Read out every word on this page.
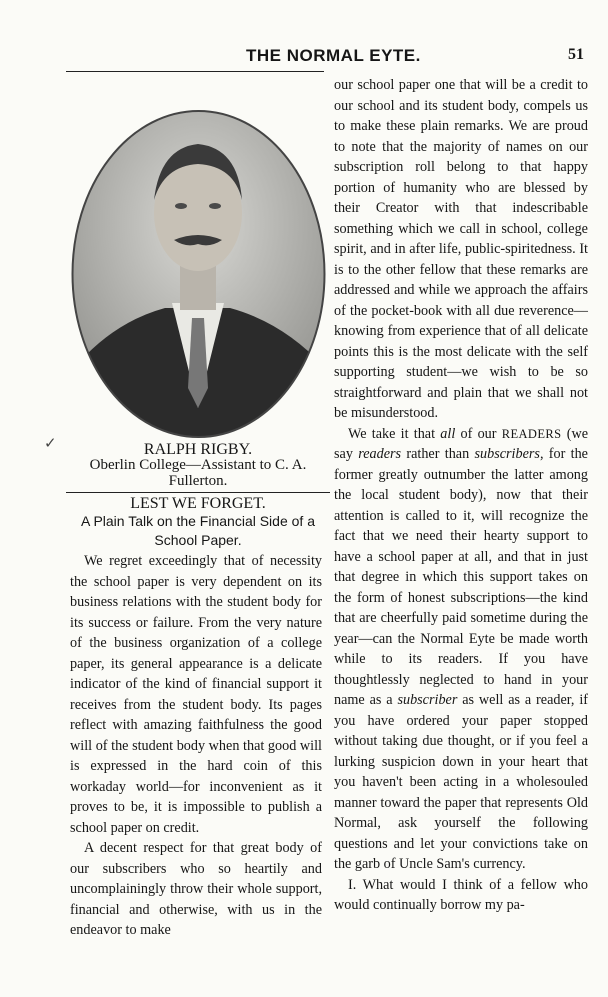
THE NORMAL EYTE.	51
✓	RALPH RIGBY.
Oberlin College—Assistant to C. A.
Fullerton.
LEST WE FORGET.
A Plain Talk on the Financial Side of a
School Paper.

We regret exceedingly that of necessity the school paper is very dependent on its business relations with the student body for its success or failure. From the very nature of the business organization of a college paper, its general appearance is a delicate indicator of the kind of financial support it receives from the student body. Its pages reflect with amazing faithfulness the good will of the student body when that good will is expressed in the hard coin of this workaday world—for inconvenient as it proves to be, it is impossible to publish a school paper on credit.

A decent respect for that great body of our subscribers who so heartily and uncomplainingly throw their whole support, financial and otherwise, with us in the endeavor to make

our school paper one that will be a credit to our school and its student body, compels us to make these plain remarks. We are proud to note that the majority of names on our subscription roll belong to that happy portion of humanity who are blessed by their Creator with that indescribable something which we call in school, college spirit, and in after life, public-spiritedness. It is to the other fellow that these remarks are addressed and while we approach the affairs of the pocket-book with all due reverence—knowing from experience that of all delicate points this is the most delicate with the self supporting student—we wish to be so straightforward and plain that we shall not be misunderstood.

We take it that all of our READERS (we say readers rather than subscribers, for the former greatly outnumber the latter among the local student body), now that their attention is called to it, will recognize the fact that we need their hearty support to have a school paper at all, and that in just that degree in which this support takes on the form of honest subscriptions—the kind that are cheerfully paid sometime during the year—can the Normal Eyte be made worth while to its readers. If you have thoughtlessly neglected to hand in your name as a subscriber as well as a reader, if you have ordered your paper stopped without taking due thought, or if you feel a lurking suspicion down in your heart that you haven't been acting in a wholesouled manner toward the paper that represents Old Normal, ask yourself the following questions and let your convictions take on the garb of Uncle Sam's currency.

I. What would I think of a fellow who would continually borrow my pa-
